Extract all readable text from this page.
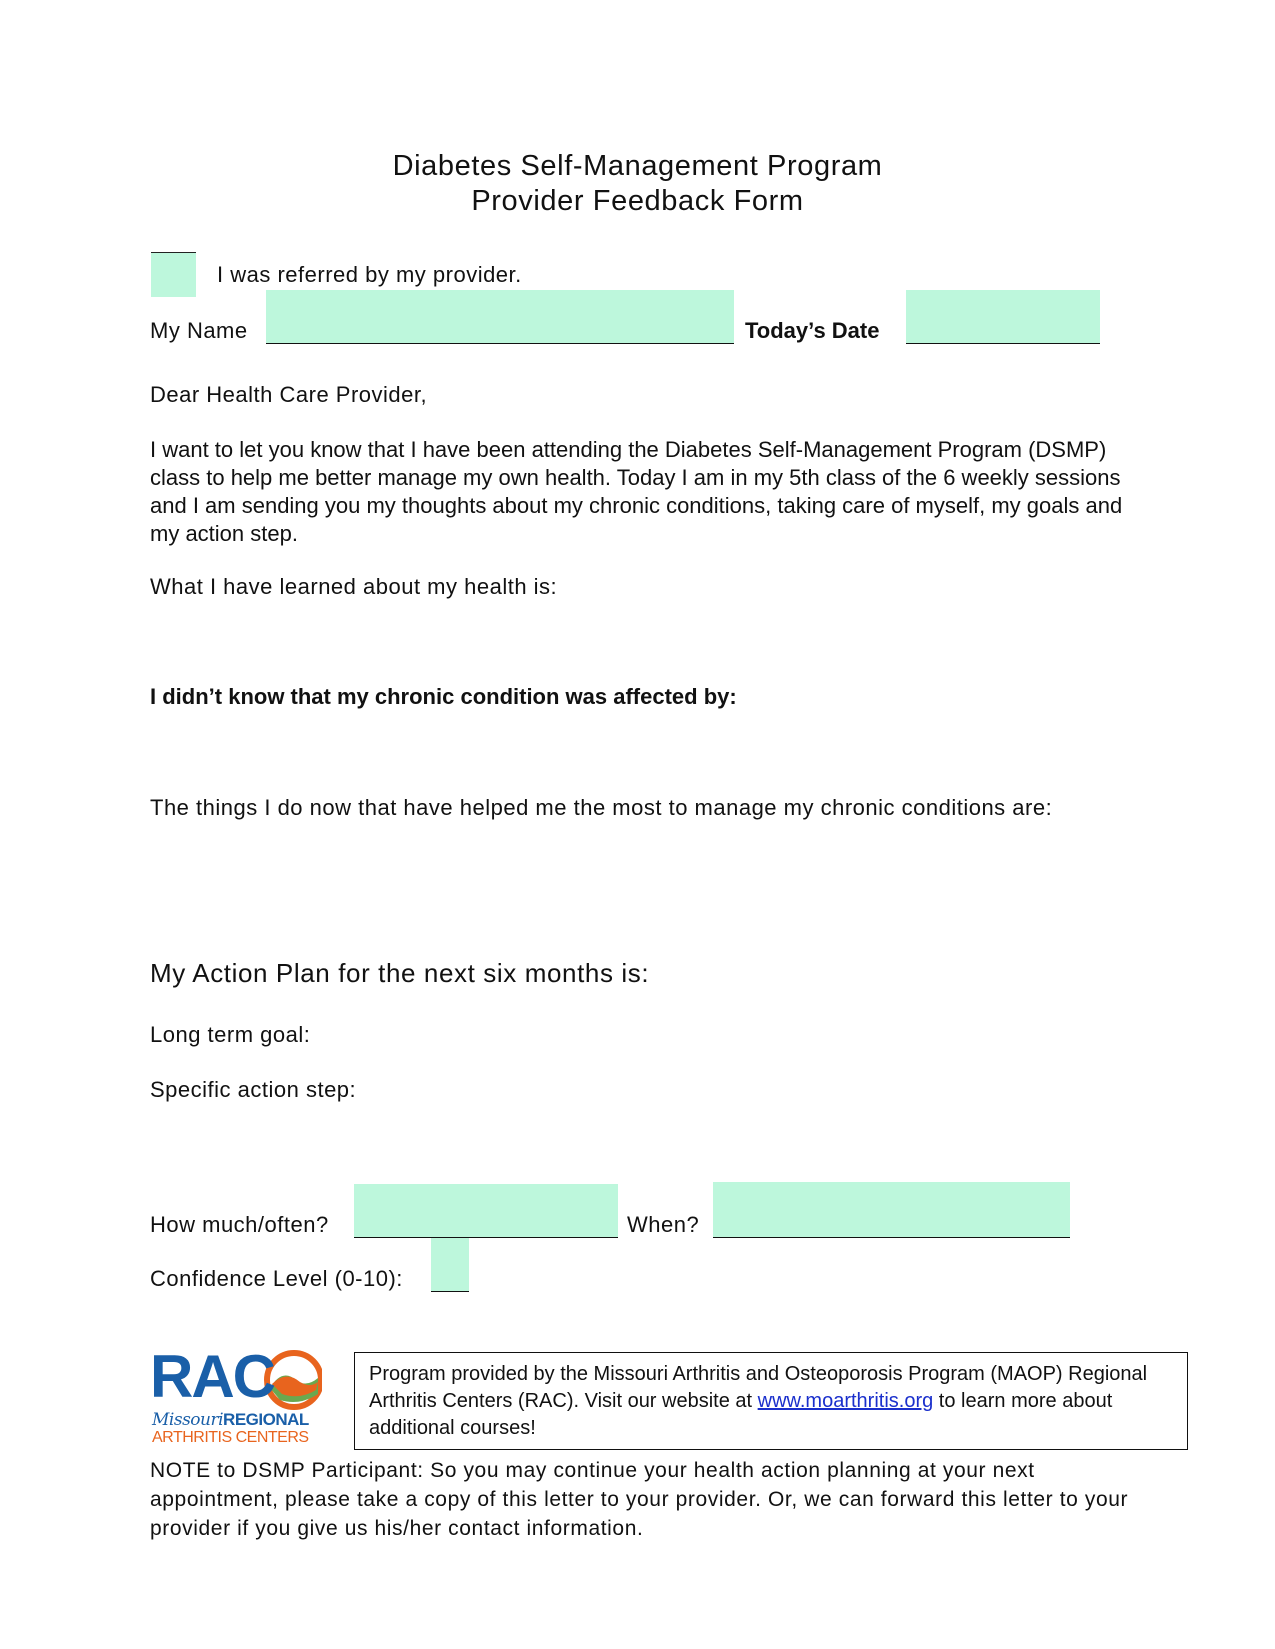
Diabetes Self-Management Program
Provider Feedback Form
I was referred by my provider.
My Name	Today’s Date
Dear Health Care Provider,
I want to let you know that I have been attending the Diabetes Self-Management Program (DSMP) class to help me better manage my own health. Today I am in my 5th class of the 6 weekly sessions and I am sending you my thoughts about my chronic conditions, taking care of myself, my goals and my action step.
What I have learned about my health is:
I didn’t know that my chronic condition was affected by:
The things I do now that have helped me the most to manage my chronic conditions are:
My Action Plan for the next six months is:
Long term goal:
Specific action step:
How much/often?	When?
Confidence Level (0-10):
RAC
MissouriREGIONAL
ARTHRITIS CENTERS
Program provided by the Missouri Arthritis and Osteoporosis Program (MAOP) Regional Arthritis Centers (RAC). Visit our website at www.moarthritis.org to learn more about additional courses!
NOTE to DSMP Participant: So you may continue your health action planning at your next appointment, please take a copy of this letter to your provider. Or, we can forward this letter to your provider if you give us his/her contact information.
